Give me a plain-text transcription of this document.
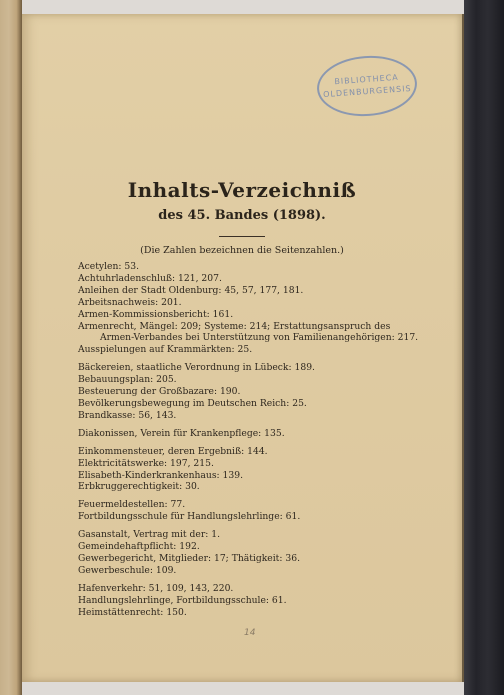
BIBLIOTHECA
OLDENBURGENSIS
Inhalts-Verzeichniß
des 45. Bandes (1898).
(Die Zahlen bezeichnen die Seitenzahlen.)
Acetylen: 53.
Achtuhrladenschluß: 121, 207.
Anleihen der Stadt Oldenburg: 45, 57, 177, 181.
Arbeitsnachweis: 201.
Armen-Kommissionsbericht: 161.
Armenrecht, Mängel: 209; Systeme: 214; Erstattungsanspruch des
Armen-Verbandes bei Unterstützung von Familienangehörigen: 217.
Ausspielungen auf Krammärkten: 25.
Bäckereien, staatliche Verordnung in Lübeck: 189.
Bebauungsplan: 205.
Besteuerung der Großbazare: 190.
Bevölkerungsbewegung im Deutschen Reich: 25.
Brandkasse: 56, 143.
Diakonissen, Verein für Krankenpflege: 135.
Einkommensteuer, deren Ergebniß: 144.
Elektricitätswerke: 197, 215.
Elisabeth-Kinderkrankenhaus: 139.
Erbkruggerechtigkeit: 30.
Feuermeldestellen: 77.
Fortbildungsschule für Handlungslehrlinge: 61.
Gasanstalt, Vertrag mit der: 1.
Gemeindehaftpflicht: 192.
Gewerbegericht, Mitglieder: 17; Thätigkeit: 36.
Gewerbeschule: 109.
Hafenverkehr: 51, 109, 143, 220.
Handlungslehrlinge, Fortbildungsschule: 61.
Heimstättenrecht: 150.
14
